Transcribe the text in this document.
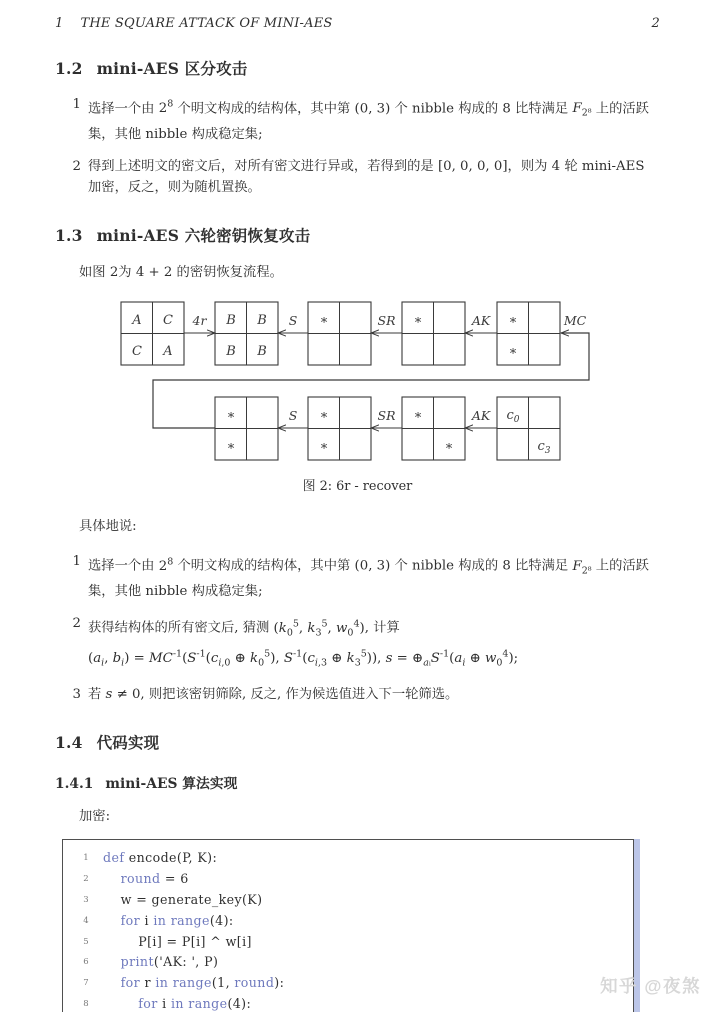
1 THE SQUARE ATTACK OF MINI-AES	2
1.2 mini-AES 区分攻击
1 选择一个由 $2^8$ 个明文构成的结构体，其中第 (0, 3) 个 nibble 构成的 8 比特满足 $F_{2^8}$ 上的活跃集，其他 nibble 构成稳定集;
2 得到上述明文的密文后，对所有密文进行异或，若得到的是 [0, 0, 0, 0]，则为 4 轮 mini-AES 加密，反之，则为随机置换。
1.3 mini-AES 六轮密钥恢复攻击
如图 2为 4 + 2 的密钥恢复流程。
A C
C A
B B
B B
∗	∗	∗
∗
4r	S	SR	AK
∗
∗
∗
∗
∗
∗
$c_0$
$c_3$
S	SR	AK
MC
图 2: 6r - recover
具体地说:
1 选择一个由 $2^8$ 个明文构成的结构体，其中第 (0, 3) 个 nibble 构成的 8 比特满足 $F_{2^8}$ 上的活跃集，其他 nibble 构成稳定集;
2 获得结构体的所有密文后, 猜测 ($k_0^5$, $k_3^5$, $w_0^4$), 计算 ($a_i$, $b_i) = MC^{-1}(S^{-1}(c_{i,0}$ ⊕ $k_0^5$), $S^{-1}(c_{i,3}$ ⊕ $k_3^5$)), $s = \oplus_{aᵢ}S^{-1}(a_i$ ⊕ $w_0^4$);
3 若 s ≠ 0, 则把该密钥筛除, 反之, 作为候选值进入下一轮筛选。
1.4 代码实现
1.4.1 mini-AES 算法实现
加密:
1 def encode(P, K):
2	round = 6
3 w = generate_key(K)
4	for i in range(4):
5 P[i] = P[i] ^ w[i]
6	print('AK: ', P)
7	for r in range(1, round):
8	for i in range(4):
知乎 @夜煞
